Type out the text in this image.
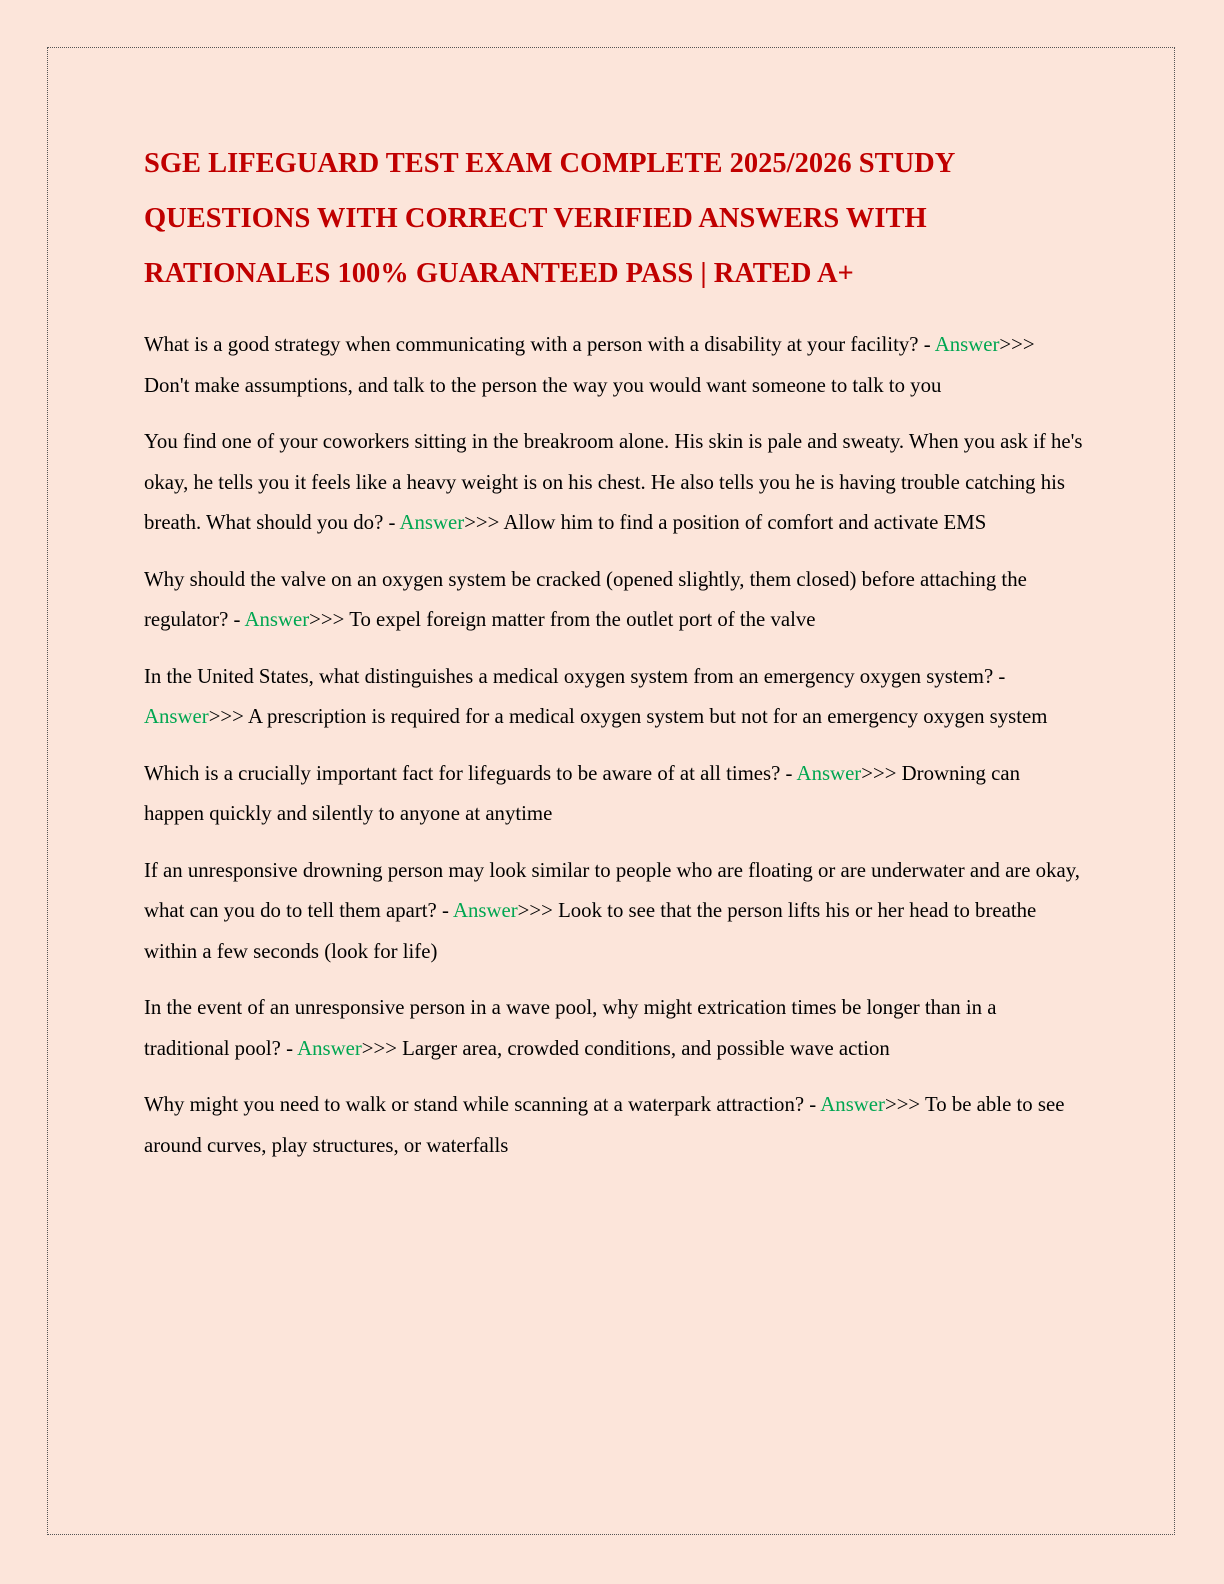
SGE LIFEGUARD TEST EXAM COMPLETE 2025/2026 STUDY QUESTIONS WITH CORRECT VERIFIED ANSWERS WITH RATIONALES 100% GUARANTEED PASS | RATED A+

What is a good strategy when communicating with a person with a disability at your facility? - Answer>>> Don't make assumptions, and talk to the person the way you would want someone to talk to you

You find one of your coworkers sitting in the breakroom alone. His skin is pale and sweaty. When you ask if he's okay, he tells you it feels like a heavy weight is on his chest. He also tells you he is having trouble catching his breath. What should you do? - Answer>>> Allow him to find a position of comfort and activate EMS

Why should the valve on an oxygen system be cracked (opened slightly, them closed) before attaching the regulator? - Answer>>> To expel foreign matter from the outlet port of the valve

In the United States, what distinguishes a medical oxygen system from an emergency oxygen system? - Answer>>> A prescription is required for a medical oxygen system but not for an emergency oxygen system

Which is a crucially important fact for lifeguards to be aware of at all times? - Answer>>> Drowning can happen quickly and silently to anyone at anytime

If an unresponsive drowning person may look similar to people who are floating or are underwater and are okay, what can you do to tell them apart? - Answer>>> Look to see that the person lifts his or her head to breathe within a few seconds (look for life)

In the event of an unresponsive person in a wave pool, why might extrication times be longer than in a traditional pool? - Answer>>> Larger area, crowded conditions, and possible wave action

Why might you need to walk or stand while scanning at a waterpark attraction? - Answer>>> To be able to see around curves, play structures, or waterfalls
